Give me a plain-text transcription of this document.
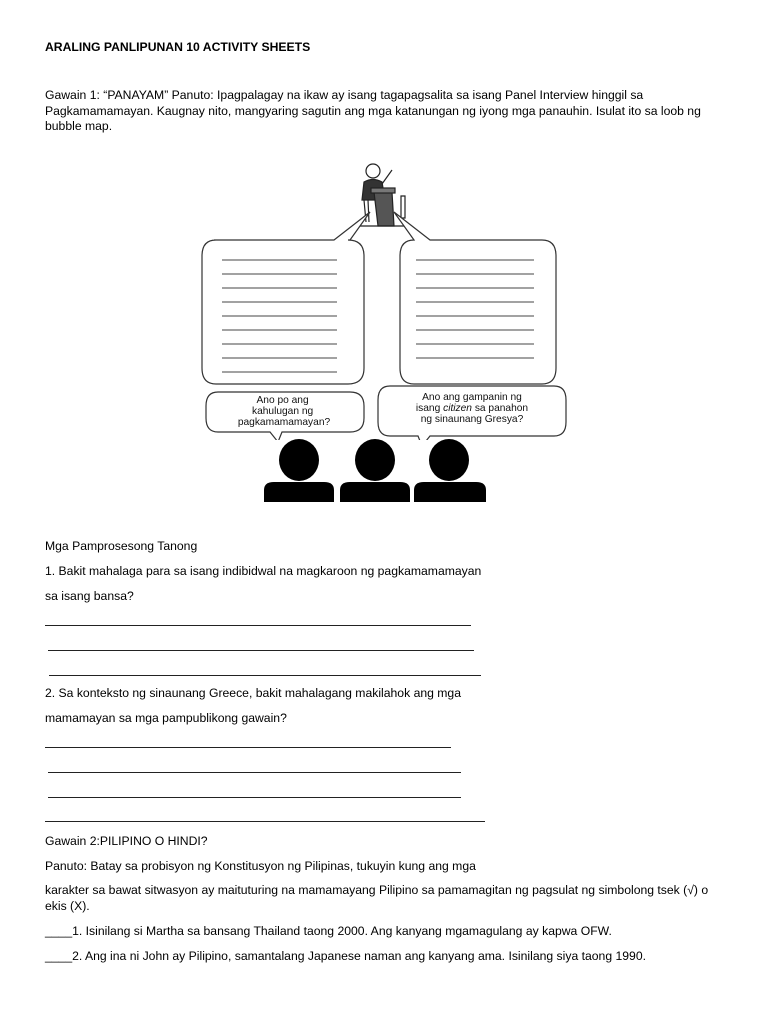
ARALING PANLIPUNAN 10 ACTIVITY SHEETS
Gawain 1: “PANAYAM” Panuto: Ipagpalagay na ikaw ay isang tagapagsalita sa isang Panel Interview hinggil sa Pagkamamamayan. Kaugnay nito, mangyaring sagutin ang mga katanungan ng iyong mga panauhin. Isulat ito sa loob ng bubble map.
Ano po ang kahulugan ng pagkamamamayan?
Ano ang gampanin ng
isang citizen sa panahon
ng sinaunang Gresya?
Mga Pamprosesong Tanong
1. Bakit mahalaga para sa isang indibidwal na magkaroon ng pagkamamamayan
sa isang bansa?
2. Sa konteksto ng sinaunang Greece, bakit mahalagang makilahok ang mga
mamamayan sa mga pampublikong gawain?
Gawain 2:PILIPINO O HINDI?
Panuto: Batay sa probisyon ng Konstitusyon ng Pilipinas, tukuyin kung ang mga
karakter sa bawat sitwasyon ay maituturing na mamamayang Pilipino sa pamamagitan ng pagsulat ng simbolong tsek (√) o ekis (X).
____1. Isinilang si Martha sa bansang Thailand taong 2000. Ang kanyang mgamagulang ay kapwa OFW.
____2. Ang ina ni John ay Pilipino, samantalang Japanese naman ang kanyang ama. Isinilang siya taong 1990.
